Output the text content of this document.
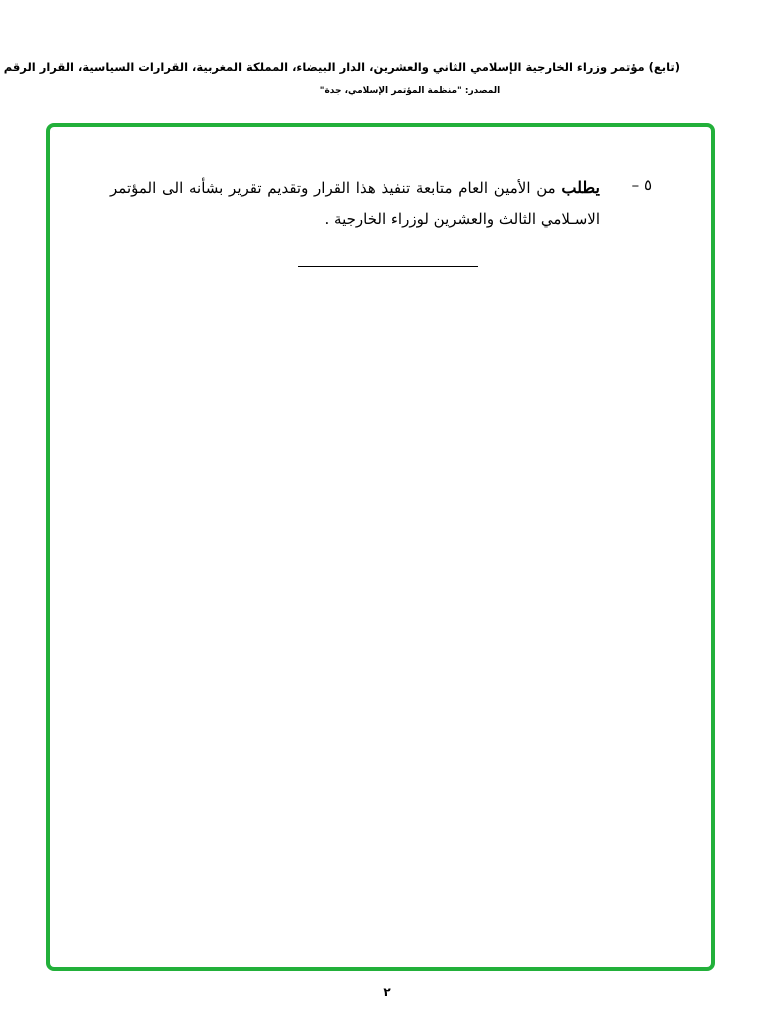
(تابع) مؤتمر وزراء الخارجية الإسلامي الثاني والعشرين، الدار البيضاء، المملكة المغربية، القرارات السياسية، القرار الرقم
المصدر: "منظمة المؤتمر الإسلامي، جدة"
٥ –
يطلب من الأمين العام متابعة تنفيذ هذا القرار وتقديم تقرير بشأنه الى المؤتمر الاسـلامي الثالث والعشرين لوزراء الخارجية .
٢
